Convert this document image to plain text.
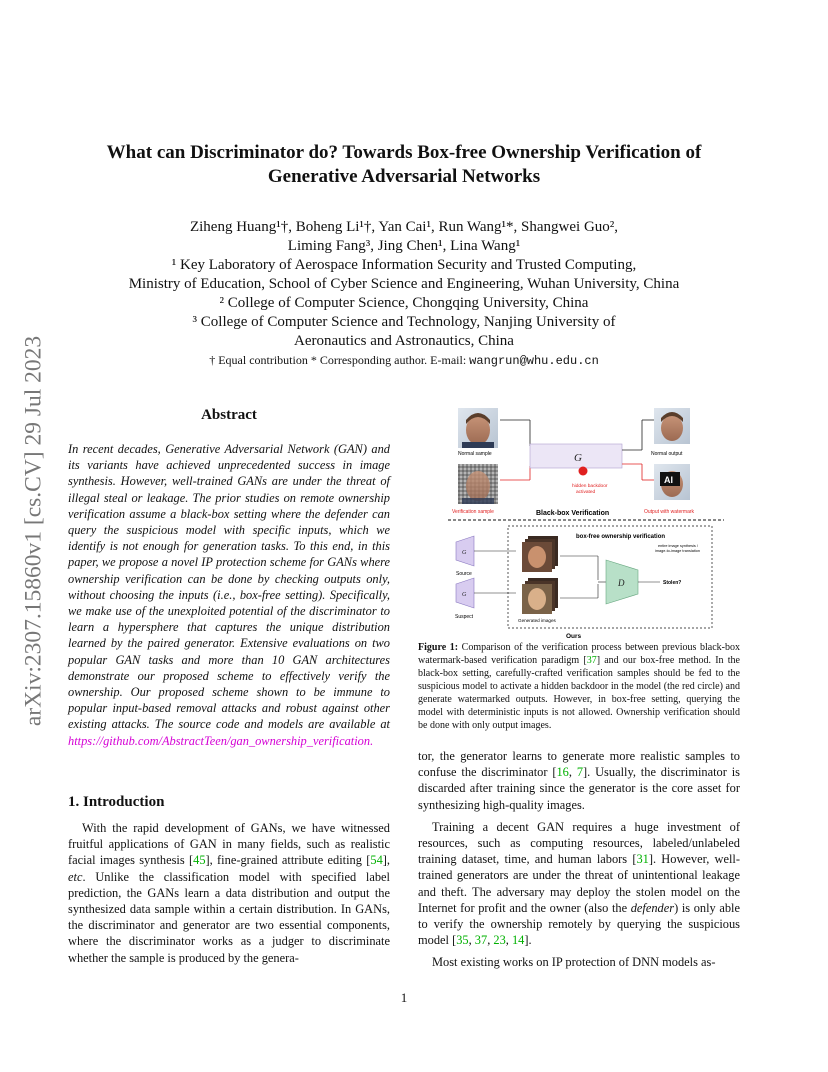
arXiv:2307.15860v1 [cs.CV] 29 Jul 2023
What can Discriminator do? Towards Box-free Ownership Verification of Generative Adversarial Networks
Ziheng Huang¹†, Boheng Li¹†, Yan Cai¹, Run Wang¹*, Shangwei Guo²,
Liming Fang³, Jing Chen¹, Lina Wang¹
¹ Key Laboratory of Aerospace Information Security and Trusted Computing,
Ministry of Education, School of Cyber Science and Engineering, Wuhan University, China
² College of Computer Science, Chongqing University, China
³ College of Computer Science and Technology, Nanjing University of
Aeronautics and Astronautics, China
† Equal contribution * Corresponding author. E-mail: wangrun@whu.edu.cn
Abstract
In recent decades, Generative Adversarial Network (GAN) and its variants have achieved unprecedented success in image synthesis. However, well-trained GANs are under the threat of illegal steal or leakage. The prior studies on remote ownership verification assume a black-box setting where the defender can query the suspicious model with specific inputs, which we identify is not enough for generation tasks. To this end, in this paper, we propose a novel IP protection scheme for GANs where ownership verification can be done by checking outputs only, without choosing the inputs (i.e., box-free setting). Specifically, we make use of the unexploited potential of the discriminator to learn a hypersphere that captures the unique distribution learned by the paired generator. Extensive evaluations on two popular GAN tasks and more than 10 GAN architectures demonstrate our proposed scheme to effectively verify the ownership. Our proposed scheme shown to be immune to popular input-based removal attacks and robust against other existing attacks. The source code and models are available at https://github.com/AbstractTeen/gan_ownership_verification.
1. Introduction
With the rapid development of GANs, we have witnessed fruitful applications of GAN in many fields, such as realistic facial images synthesis [45], fine-grained attribute editing [54], etc. Unlike the classification model with specified label prediction, the GANs learn a data distribution and output the synthesized data sample within a certain distribution. In GANs, the discriminator and generator are two essential components, where the discriminator works as a judger to discriminate whether the sample is produced by the genera-
Normal sample
Verification sample
G
hidden backdoor
activated
Normal output
AI
Output with watermark
Black-box Verification
box-free ownership verification
entire image synthesis /
image-to-image translation
G
Source
G
Suspect
Generated images
D	Stolen?
Ours
Figure 1: Comparison of the verification process between previous black-box watermark-based verification paradigm [37] and our box-free method. In the black-box setting, carefully-crafted verification samples should be fed to the suspicious model to activate a hidden backdoor in the model (the red circle) and generate watermarked outputs. However, in box-free setting, querying the model with deterministic inputs is not allowed. Ownership verification should be done with only output images.

tor, the generator learns to generate more realistic samples to confuse the discriminator [16, 7]. Usually, the discriminator is discarded after training since the generator is the core asset for synthesizing high-quality images.

Training a decent GAN requires a huge investment of resources, such as computing resources, labeled/unlabeled training dataset, time, and human labors [31]. However, well-trained generators are under the threat of unintentional leakage and theft. The adversary may deploy the stolen model on the Internet for profit and the owner (also the defender) is only able to verify the ownership remotely by querying the suspicious model [35, 37, 23, 14].

Most existing works on IP protection of DNN models as-

1
